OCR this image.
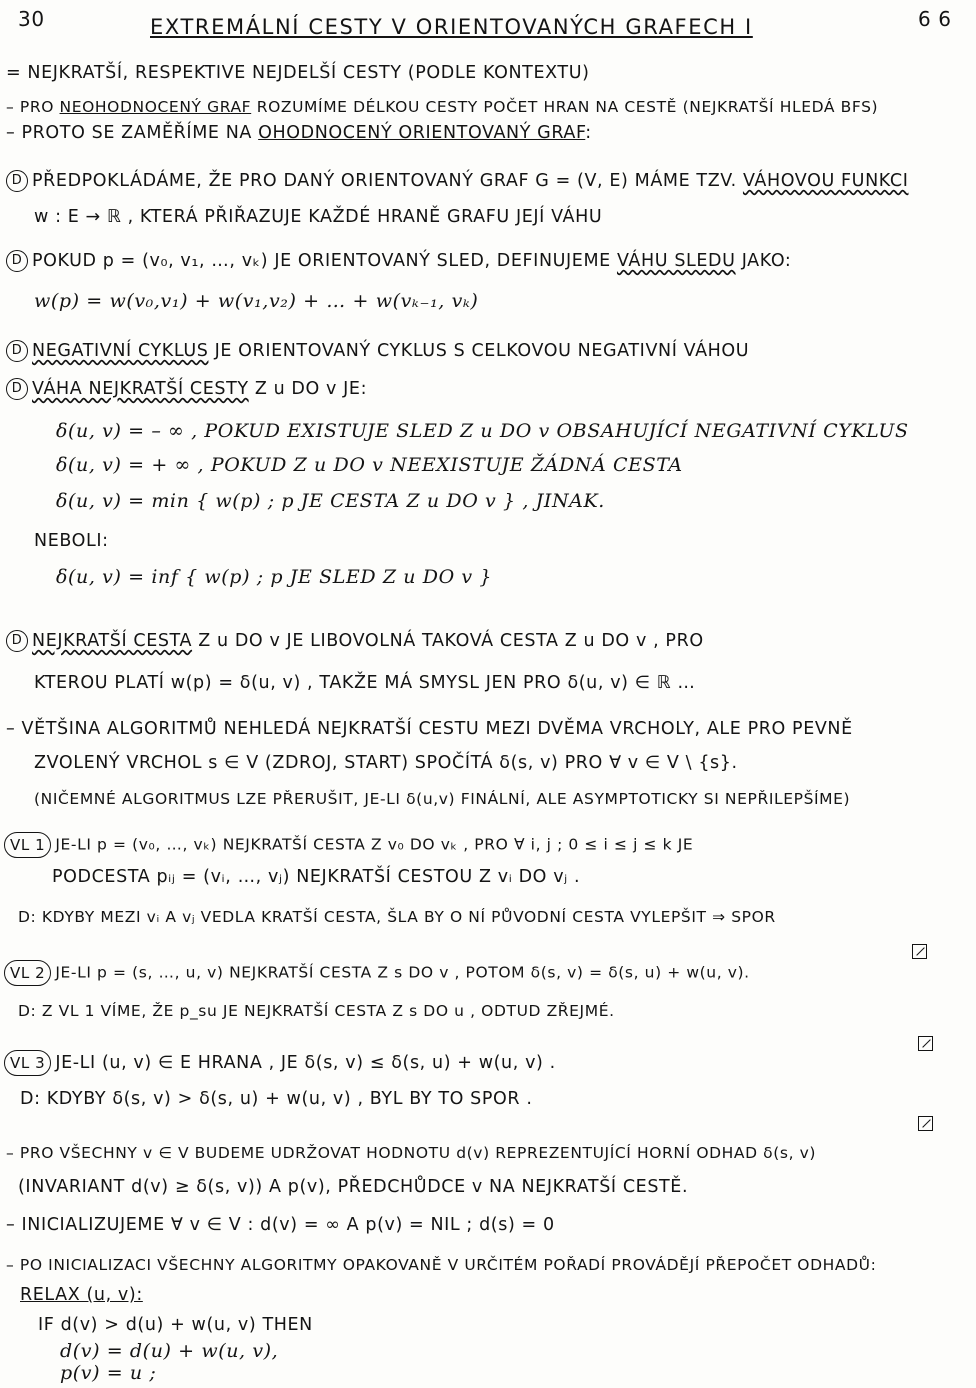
30	EXTREMÁLNÍ CESTY V ORIENTOVANÝCH GRAFECH I	6 6
= NEJKRATŠÍ, RESPEKTIVE NEJDELŠÍ CESTY (PODLE KONTEXTU)
– PRO NEOHODNOCENÝ GRAF ROZUMÍME DÉLKOU CESTY POČET HRAN NA CESTĚ (NEJKRATŠÍ HLEDÁ BFS)
– PROTO SE ZAMĚŘÍME NA OHODNOCENÝ ORIENTOVANÝ GRAF:
D PŘEDPOKLÁDÁME, ŽE PRO DANÝ ORIENTOVANÝ GRAF G = (V, E) MÁME TZV. VÁHOVOU FUNKCI
w : E → ℝ , KTERÁ PŘIŘAZUJE KAŽDÉ HRANĚ GRAFU JEJÍ VÁHU
D POKUD p = (v₀, v₁, …, vₖ) JE ORIENTOVANÝ SLED, DEFINUJEME VÁHU SLEDU JAKO:
w(p) = w(v₀,v₁) + w(v₁,v₂) + … + w(vₖ₋₁, vₖ)
D NEGATIVNÍ CYKLUS JE ORIENTOVANÝ CYKLUS S CELKOVOU NEGATIVNÍ VÁHOU
D VÁHA NEJKRATŠÍ CESTY Z u DO v JE:
δ(u, v) = – ∞ , POKUD EXISTUJE SLED Z u DO v OBSAHUJÍCÍ NEGATIVNÍ CYKLUS
δ(u, v) = + ∞ , POKUD Z u DO v NEEXISTUJE ŽÁDNÁ CESTA
δ(u, v) = min { w(p) ; p JE CESTA Z u DO v } , JINAK.
NEBOLI:
δ(u, v) = inf { w(p) ; p JE SLED Z u DO v }
D NEJKRATŠÍ CESTA Z u DO v JE LIBOVOLNÁ TAKOVÁ CESTA Z u DO v , PRO
KTEROU PLATÍ w(p) = δ(u, v) , TAKŽE MÁ SMYSL JEN PRO δ(u, v) ∈ ℝ …
– VĚTŠINA ALGORITMŮ NEHLEDÁ NEJKRATŠÍ CESTU MEZI DVĚMA VRCHOLY, ALE PRO PEVNĚ
ZVOLENÝ VRCHOL s ∈ V (ZDROJ, START) SPOČÍTÁ δ(s, v) PRO ∀ v ∈ V \ {s}.
(NIČEMNÉ ALGORITMUS LZE PŘERUŠIT, JE-LI δ(u,v) FINÁLNÍ, ALE ASYMPTOTICKY SI NEPŘILEPŠÍME)
VL 1 JE-LI p = (v₀, …, vₖ) NEJKRATŠÍ CESTA Z v₀ DO vₖ , PRO ∀ i, j ; 0 ≤ i ≤ j ≤ k JE
PODCESTA pᵢⱼ = (vᵢ, …, vⱼ) NEJKRATŠÍ CESTOU Z vᵢ DO vⱼ .
D: KDYBY MEZI vᵢ A vⱼ VEDLA KRATŠÍ CESTA, ŠLA BY O NÍ PŮVODNÍ CESTA VYLEPŠIT ⇒ SPOR
VL 2 JE-LI p = (s, …, u, v) NEJKRATŠÍ CESTA Z s DO v , POTOM δ(s, v) = δ(s, u) + w(u, v).
D: Z VL 1 VÍME, ŽE p_su JE NEJKRATŠÍ CESTA Z s DO u , ODTUD ZŘEJMÉ.
VL 3 JE-LI (u, v) ∈ E HRANA , JE δ(s, v) ≤ δ(s, u) + w(u, v) .
D: KDYBY δ(s, v) > δ(s, u) + w(u, v) , BYL BY TO SPOR .
– PRO VŠECHNY v ∈ V BUDEME UDRŽOVAT HODNOTU d(v) REPREZENTUJÍCÍ HORNÍ ODHAD δ(s, v)
(INVARIANT d(v) ≥ δ(s, v)) A p(v), PŘEDCHŮDCE v NA NEJKRATŠÍ CESTĚ.
– INICIALIZUJEME ∀ v ∈ V : d(v) = ∞ A p(v) = NIL ; d(s) = 0
– PO INICIALIZACI VŠECHNY ALGORITMY OPAKOVANĚ V URČITÉM POŘADÍ PROVÁDĚJÍ PŘEPOČET ODHADŮ:
RELAX (u, v):
IF d(v) > d(u) + w(u, v) THEN
d(v) = d(u) + w(u, v),
p(v) = u ;
